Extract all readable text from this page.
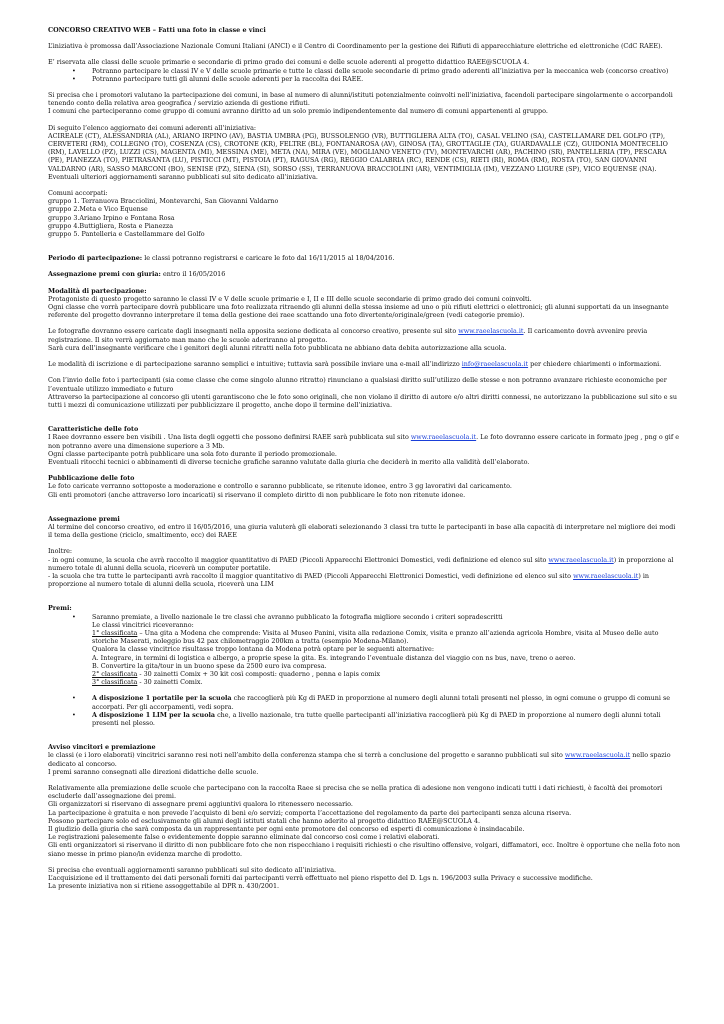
CONCORSO CREATIVO WEB – Fatti una foto in classe e vinci

L’iniziativa è promossa dall’Associazione Nazionale Comuni Italiani (ANCI) e il Centro di Coordinamento per la gestione dei Rifiuti di apparecchiature elettriche ed elettroniche (CdC RAEE).

E’ riservata alle classi delle scuole primarie e secondarie di primo grado dei comuni e delle scuole aderenti al progetto didattico RAEE@SCUOLA 4.

• Potranno partecipare le classi IV e V delle scuole primarie e tutte le classi delle scuole secondarie di primo grado aderenti all’iniziativa per la meccanica web (concorso creativo)
• Potranno partecipare tutti gli alunni delle scuole aderenti per la raccolta dei RAEE.

Si precisa che i promotori valutano la partecipazione dei comuni, in base al numero di alunni/istituti potenzialmente coinvolti nell’iniziativa, facendoli partecipare singolarmente o accorpandoli tenendo conto della relativa area geografica / servizio azienda di gestione rifiuti.

I comuni che parteciperanno come gruppo di comuni avranno diritto ad un solo premio indipendentemente dal numero di comuni appartenenti al gruppo.

Di seguito l’elenco aggiornato dei comuni aderenti all’iniziativa:

ACIREALE (CT), ALESSANDRIA (AL), ARIANO IRPINO (AV), BASTIA UMBRA (PG), BUSSOLENGO (VR), BUTTIGLIERA ALTA (TO), CASAL VELINO (SA), CASTELLAMARE DEL GOLFO (TP), CERVETERI (RM), COLLEGNO (TO), COSENZA (CS), CROTONE (KR), FELTRE (BL), FONTANAROSA (AV), GINOSA (TA), GROTTAGLIE (TA), GUARDAVALLE (CZ), GUIDONIA MONTECELIO (RM), LAVELLO (PZ), LUZZI (CS), MAGENTA (MI), MESSINA (ME), META (NA), MIRA (VE), MOGLIANO VENETO (TV), MONTEVARCHI (AR), PACHINO (SR), PANTELLERIA (TP), PESCARA (PE), PIANEZZA (TO), PIETRASANTA (LU), PISTICCI (MT), PISTOIA (PT), RAGUSA (RG), REGGIO CALABRIA (RC), RENDE (CS), RIETI (RI), ROMA (RM), ROSTA (TO), SAN GIOVANNI VALDARNO (AR), SASSO MARCONI (BO), SENISE (PZ), SIENA (SI), SORSO (SS), TERRANUOVA BRACCIOLINI (AR), VENTIMIGLIA (IM), VEZZANO LIGURE (SP), VICO EQUENSE (NA). Eventuali ulteriori aggiornamenti saranno pubblicati sul sito dedicato all’iniziativa.

Comuni accorpati:

gruppo 1. Terranuova Bracciolini, Montevarchi, San Giovanni Valdarno

gruppo 2.Meta e Vico Equense

gruppo 3.Ariano Irpino e Fontana Rosa

gruppo 4.Buttigliera, Rosta e Pianezza

gruppo 5. Pantelleria e Castellammare del Golfo

Periodo di partecipazione: le classi potranno registrarsi e caricare le foto dal 16/11/2015 al 18/04/2016.

Assegnazione premi con giuria: entro il 16/05/2016

Modalità di partecipazione:

Protagoniste di questo progetto saranno le classi IV e V delle scuole primarie e I, II e III delle scuole secondarie di primo grado dei comuni coinvolti.

Ogni classe che vorrà partecipare dovrà pubblicare una foto realizzata ritraendo gli alunni della stessa insieme ad uno o più rifiuti elettrici o elettronici; gli alunni supportati da un insegnante referente del progetto dovranno interpretare il tema della gestione dei raee scattando una foto divertente/originale/green (vedi categorie premio).

Le fotografie dovranno essere caricate dagli insegnanti nella apposita sezione dedicata al concorso creativo, presente sul sito www.raeelascuola.it. Il caricamento dovrà avvenire previa registrazione. Il sito verrà aggiornato man mano che le scuole aderiranno al progetto.

Sarà cura dell’insegnante verificare che i genitori degli alunni ritratti nella foto pubblicata ne abbiano data debita autorizzazione alla scuola.

Le modalità di iscrizione e di partecipazione saranno semplici e intuitive; tuttavia sarà possibile inviare una e-mail all’indirizzo info@raeelascuola.it per chiedere chiarimenti o informazioni.

Con l’invio delle foto i partecipanti (sia come classe che come singolo alunno ritratto) rinunciano a qualsiasi diritto sull’utilizzo delle stesse e non potranno avanzare richieste economiche per l’eventuale utilizzo immediato e futuro

Attraverso la partecipazione al concorso gli utenti garantiscono che le foto sono originali, che non violano il diritto di autore e/o altri diritti connessi, ne autorizzano la pubblicazione sul sito e su tutti i mezzi di comunicazione utilizzati per pubblicizzare il progetto, anche dopo il termine dell’iniziativa.

Caratteristiche delle foto

I Raee dovranno essere ben visibili . Una lista degli oggetti che possono definirsi RAEE sarà pubblicata sul sito www.raeelascuola.it. Le foto dovranno essere caricate in formato jpeg , png o gif e non potranno avere una dimensione superiore a 3 Mb.

Ogni classe partecipante potrà pubblicare una sola foto durante il periodo promozionale.

Eventuali ritocchi tecnici o abbinamenti di diverse tecniche grafiche saranno valutate dalla giuria che deciderà in merito alla validità dell’elaborato.

Pubblicazione delle foto

Le foto caricate verranno sottoposte a moderazione e controllo e saranno pubblicate, se ritenute idonee, entro 3 gg lavorativi dal caricamento.

Gli enti promotori (anche attraverso loro incaricati) si riservano il completo diritto di non pubblicare le foto non ritenute idonee.

Assegnazione premi

Al termine del concorso creativo, ed entro il 16/05/2016, una giuria valuterà gli elaborati selezionando 3 classi tra tutte le partecipanti in base alla capacità di interpretare nel migliore dei modi il tema della gestione (riciclo, smaltimento, ecc) dei RAEE

Inoltre:

- in ogni comune, la scuola che avrà raccolto il maggior quantitativo di PAED (Piccoli Apparecchi Elettronici Domestici, vedi definizione ed elenco sul sito www.raeelascuola.it) in proporzione al numero totale di alunni della scuola, riceverà un computer portatile.

- la scuola che tra tutte le partecipanti avrà raccolto il maggior quantitativo di PAED (Piccoli Apparecchi Elettronici Domestici, vedi definizione ed elenco sul sito www.raeelascuola.it) in proporzione al numero totale di alunni della scuola, riceverà una LIM

Premi:

• Saranno premiate, a livello nazionale le tre classi che avranno pubblicato la fotografia migliore secondo i criteri sopradescritti
Le classi vincitrici riceveranno:
1° classificata – Una gita a Modena che comprende: Visita al Museo Panini, visita alla redazione Comix, visita e pranzo all’azienda agricola Hombre, visita al Museo delle auto storiche Maserati, noleggio bus 42 pax chilometraggio 200km a tratta (esempio Modena-Milano).
Qualora la classe vincitrice risultasse troppo lontana da Modena potrà optare per le seguenti alternative:
A. Integrare, in termini di logistica e albergo, a proprie spese la gita. Es. integrando l’eventuale distanza del viaggio con ns bus, nave, treno o aereo.
B. Convertire la gita/tour in un buono spese da 2500 euro iva compresa.
2° classificata - 30 zainetti Comix + 30 kit così composti: quaderno , penna e lapis comix
3° classificata - 30 zainetti Comix.
• A disposizione 1 portatile per la scuola che raccoglierà più Kg di PAED in proporzione al numero degli alunni totali presenti nel plesso, in ogni comune o gruppo di comuni se accorpati. Per gli accorpamenti, vedi sopra.
• A disposizione 1 LIM per la scuola che, a livello nazionale, tra tutte quelle partecipanti all’iniziativa raccoglierà più Kg di PAED in proporzione al numero degli alunni totali presenti nel plesso.

Avviso vincitori e premiazione

le classi (e i loro elaborati) vincitrici saranno resi noti nell’ambito della conferenza stampa che si terrà a conclusione del progetto e saranno pubblicati sul sito www.raeelascuola.it nello spazio dedicato al concorso.

I premi saranno consegnati alle direzioni didattiche delle scuole.

Relativamente alla premiazione delle scuole che partecipano con la raccolta Raee si precisa che se nella pratica di adesione non vengono indicati tutti i dati richiesti, è facoltà dei promotori escluderle dall’assegnazione dei premi.

Gli organizzatori si riservano di assegnare premi aggiuntivi qualora lo ritenessero necessario.

La partecipazione è gratuita e non prevede l’acquisto di beni e/o servizi; comporta l’accettazione del regolamento da parte dei partecipanti senza alcuna riserva.

Possono partecipare solo ed esclusivamente gli alunni degli istituti statali che hanno aderito al progetto didattico RAEE@SCUOLA 4.

Il giudizio della giuria che sarà composta da un rappresentante per ogni ente promotore del concorso ed esperti di comunicazione è insindacabile.

Le registrazioni palesemente false o evidentemente doppie saranno eliminate dal concorso così come i relativi elaborati.

Gli enti organizzatori si riservano il diritto di non pubblicare foto che non rispecchiano i requisiti richiesti o che risultino offensive, volgari, diffamatori, ecc. Inoltre è opportune che nella foto non siano messe in primo piano/in evidenza marche di prodotto.

Si precisa che eventuali aggiornamenti saranno pubblicati sul sito dedicato all’iniziativa.

L’acquisizione ed il trattamento dei dati personali forniti dai partecipanti verrà effettuato nel pieno rispetto del D. Lgs n. 196/2003 sulla Privacy e successive modifiche.

La presente iniziativa non si ritiene assoggettabile al DPR n. 430/2001.
